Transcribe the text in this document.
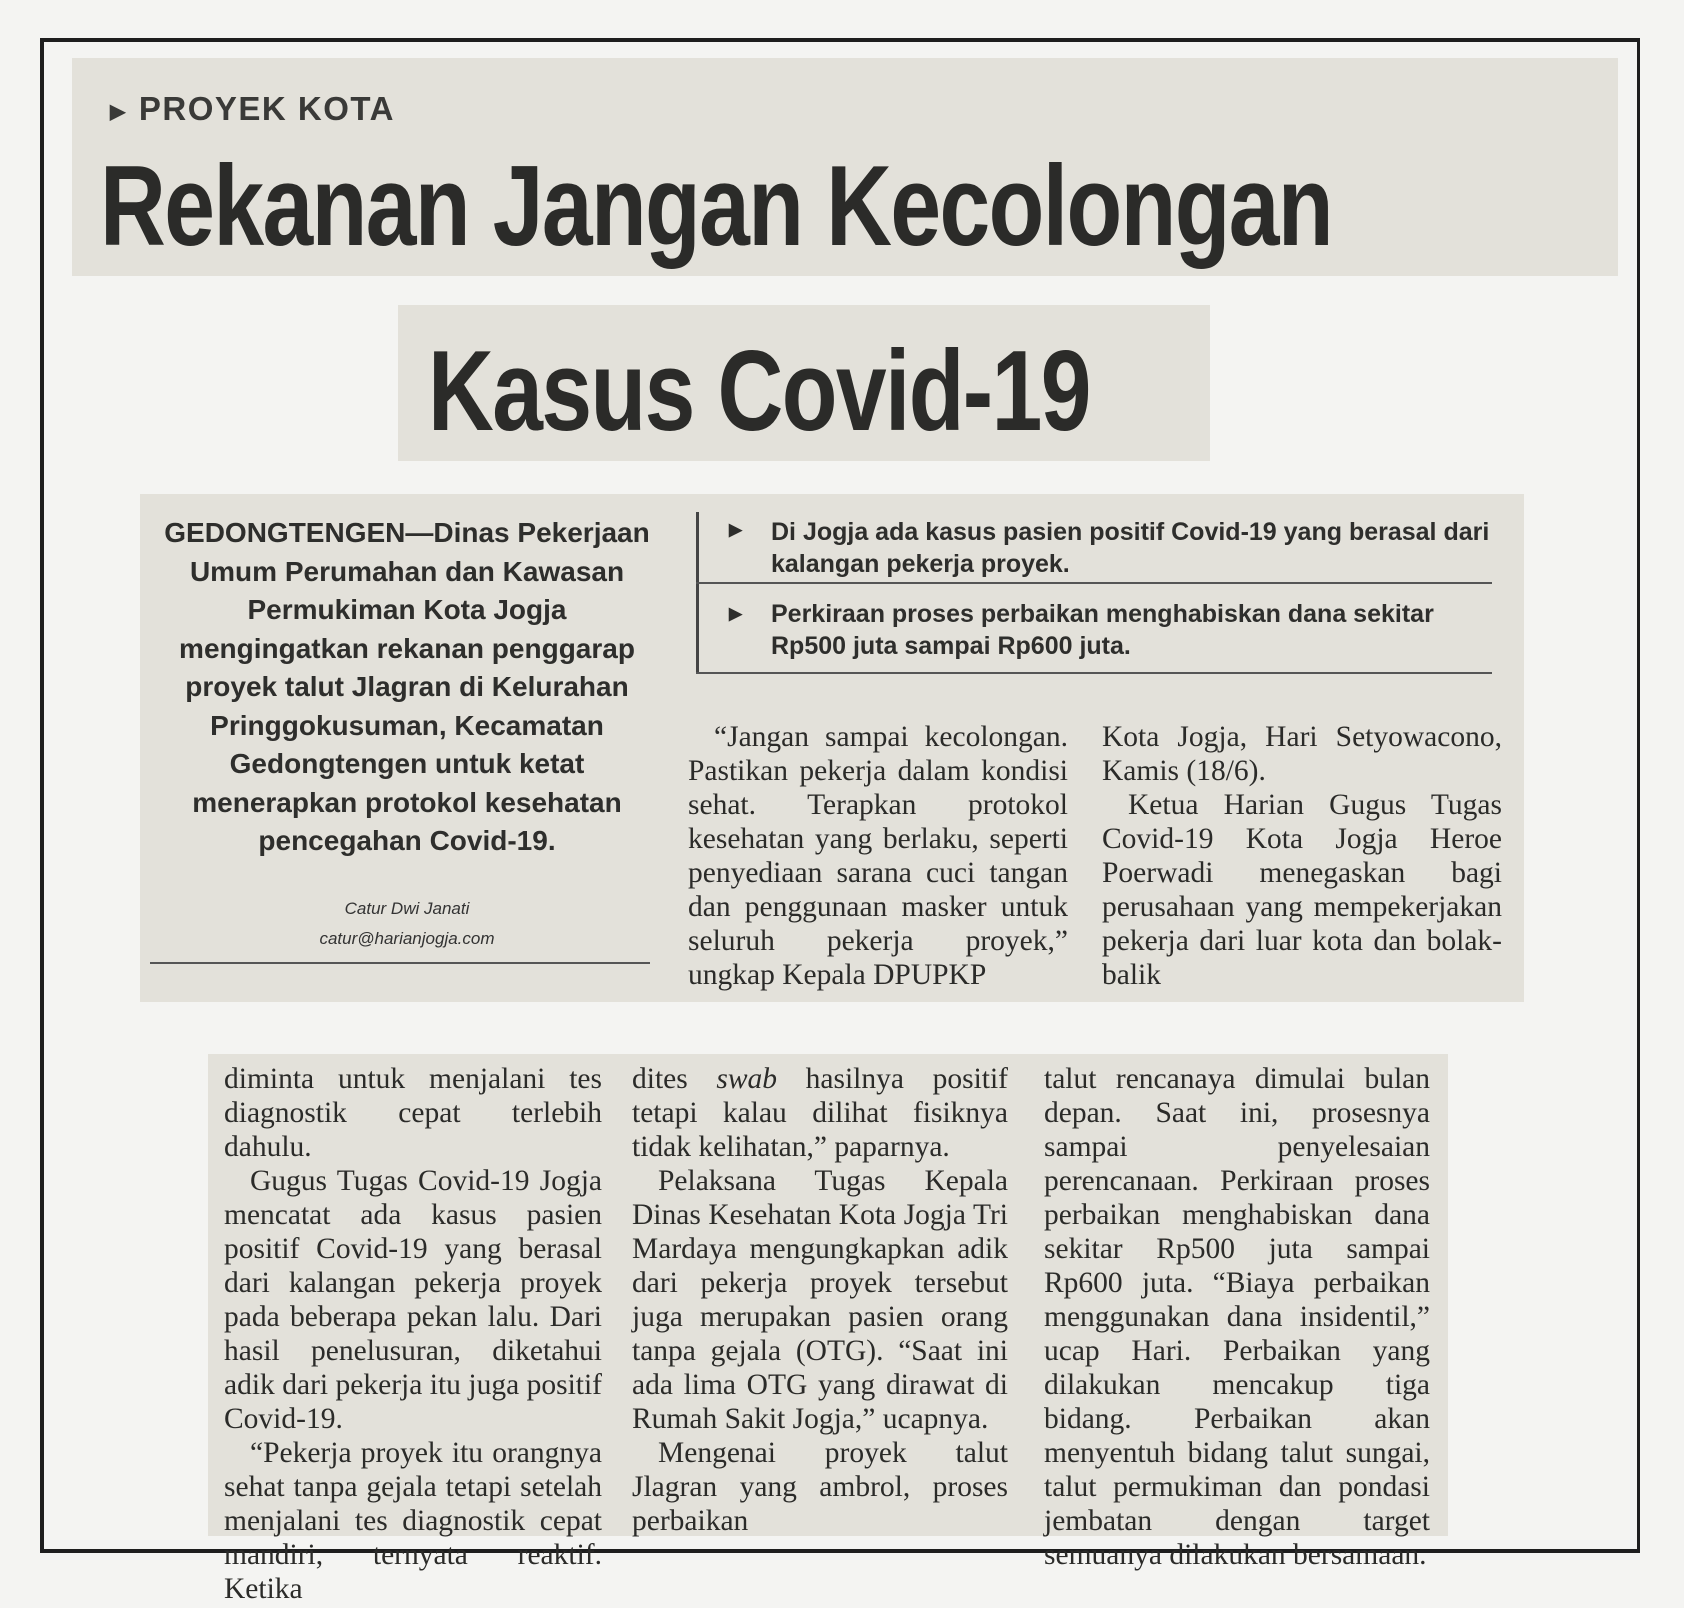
▶ PROYEK KOTA
Rekanan Jangan Kecolongan
Kasus Covid-19
GEDONGTENGEN—Dinas Pekerjaan Umum Perumahan dan Kawasan Permukiman Kota Jogja mengingatkan rekanan penggarap proyek talut Jlagran di Kelurahan Pringgokusuman, Kecamatan Gedongtengen untuk ketat menerapkan protokol kesehatan pencegahan Covid-19.
Catur Dwi Janati
catur@harianjogja.com
▶ Di Jogja ada kasus pasien positif Covid-19 yang berasal dari kalangan pekerja proyek.
▶ Perkiraan proses perbaikan menghabiskan dana sekitar Rp500 juta sampai Rp600 juta.

“Jangan sampai kecolongan. Pastikan pekerja dalam kondisi sehat. Terapkan protokol kesehatan yang berlaku, seperti penyediaan sarana cuci tangan dan penggunaan masker untuk seluruh pekerja proyek,” ungkap Kepala DPUPKP

Kota Jogja, Hari Setyowacono, Kamis (18/6).

Ketua Harian Gugus Tugas Covid-19 Kota Jogja Heroe Poerwadi menegaskan bagi perusahaan yang mempekerjakan pekerja dari luar kota dan bolak-balik

diminta untuk menjalani tes diagnostik cepat terlebih dahulu.

Gugus Tugas Covid-19 Jogja mencatat ada kasus pasien positif Covid-19 yang berasal dari kalangan pekerja proyek pada beberapa pekan lalu. Dari hasil penelusuran, diketahui adik dari pekerja itu juga positif Covid-19.

“Pekerja proyek itu orangnya sehat tanpa gejala tetapi setelah menjalani tes diagnostik cepat mandiri, ternyata reaktif. Ketika

dites swab hasilnya positif tetapi kalau dilihat fisiknya tidak kelihatan,” paparnya.

Pelaksana Tugas Kepala Dinas Kesehatan Kota Jogja Tri Mardaya mengungkapkan adik dari pekerja proyek tersebut juga merupakan pasien orang tanpa gejala (OTG). “Saat ini ada lima OTG yang dirawat di Rumah Sakit Jogja,” ucapnya.

Mengenai proyek talut Jlagran yang ambrol, proses perbaikan

talut rencanaya dimulai bulan depan. Saat ini, prosesnya sampai penyelesaian perencanaan. Perkiraan proses perbaikan menghabiskan dana sekitar Rp500 juta sampai Rp600 juta. “Biaya perbaikan menggunakan dana insidentil,” ucap Hari. Perbaikan yang dilakukan mencakup tiga bidang. Perbaikan akan menyentuh bidang talut sungai, talut permukiman dan pondasi jembatan dengan target semuanya dilakukan bersamaan.
